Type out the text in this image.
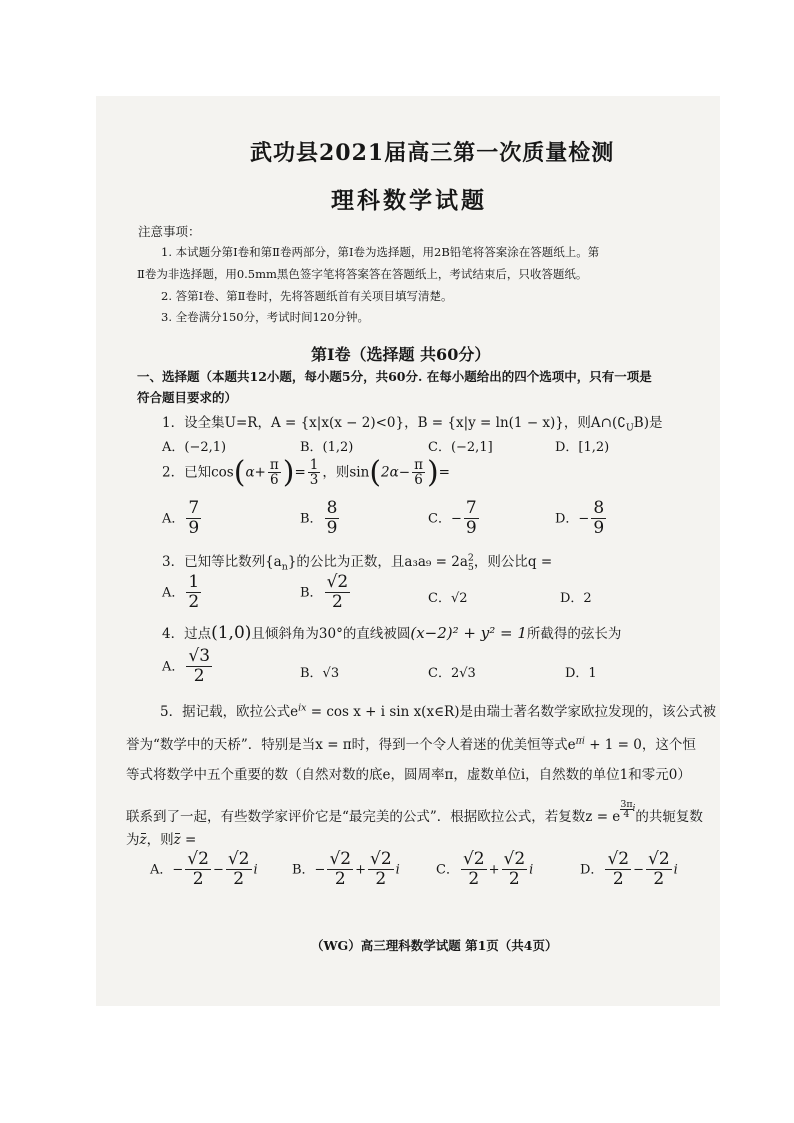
武功县2021届高三第一次质量检测
理科数学试题
注意事项：
1. 本试题分第Ⅰ卷和第Ⅱ卷两部分，第Ⅰ卷为选择题，用2B铅笔将答案涂在答题纸上。第
Ⅱ卷为非选择题，用0.5mm黑色签字笔将答案答在答题纸上，考试结束后，只收答题纸。
2. 答第Ⅰ卷、第Ⅱ卷时，先将答题纸首有关项目填写清楚。
3. 全卷满分150分，考试时间120分钟。
第Ⅰ卷（选择题 共60分）
一、选择题（本题共12小题，每小题5分，共60分. 在每小题给出的四个选项中，只有一项是
符合题目要求的）
1．设全集U=R，A = {x|x(x − 2)<0}，B = {x|y = ln(1 − x)}，则$A\cap(∁_UB)$是
A．(−2,1)	B．(1,2)	C．(−2,1]	D．[1,2)
2．已知$\cos(\alpha+ \frac{\pi}{6}$ )= $\frac{1}{3}$ ，则$\sin(2\alpha- \frac{\pi}{6}$ )=
A． $\frac{7}{9}$	B． $\frac{8}{9}$	C．− $\frac{7}{9}$	D．− $\frac{8}{9}$
3．已知等比数列$\{a_n\}$的公比为正数，且$a_3a_9 = 2a^2_5$，则公比q =
A． $\frac{1}{2}$	B． $\frac{√2}{2}$	C．√2	D．2
4．过点(1,0)且倾斜角为30°的直线被圆(x−2)² + y² = 1所截得的弦长为
A． $\frac{√3}{2}$	B．√3	C．2√3	D．1
5．据记载，欧拉公式$e^{ix} = \cos x + i$ sin x(x∈R)是由瑞士著名数学家欧拉发现的，该公式被
誉为“数学中的天桥”．特别是当x = π时，得到一个令人着迷的优美恒等式$e^{\pi i} + 1 = 0$，这个恒
等式将数学中五个重要的数（自然对数的底e，圆周率π，虚数单位i，自然数的单位1和零元0）
联系到了一起，有些数学家评价它是“最完美的公式”．根据欧拉公式，若复数z = e $\frac{3\pi}{4} ^i$的共轭复数
为z，则z =
A．− $\frac{√2}{2} - \frac{√2}{2}$ i	B．− $\frac{√2}{2} + \frac{√2}{2}$ i	C． $\frac{√2}{2} + \frac{√2}{2}$ i	D． $\frac{√2}{2} - \frac{√2}{2}$ i
（WG）高三理科数学试题 第1页（共4页）
